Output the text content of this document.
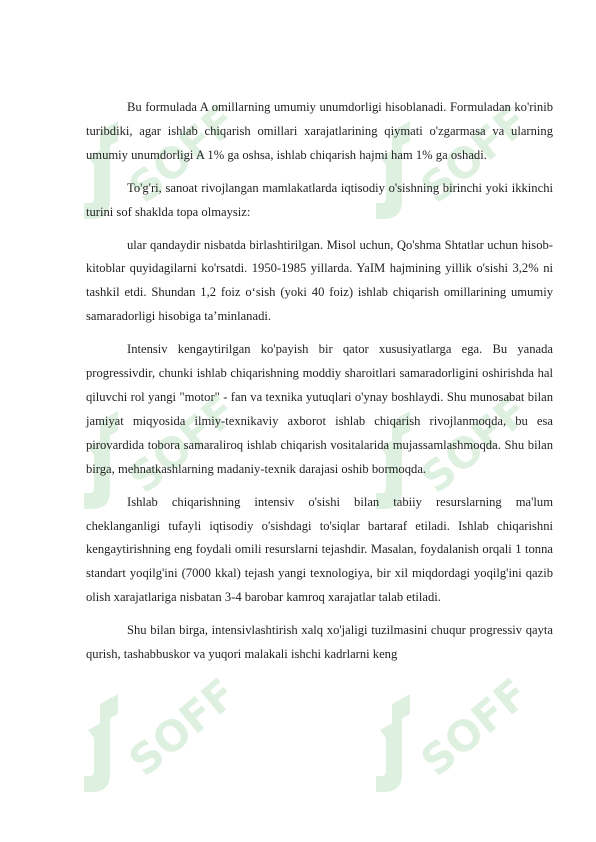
SOFF	SOFF
SOFF	SOFF
SOFF	SOFF

Bu formulada A omillarning umumiy unumdorligi hisoblanadi. Formuladan ko'rinib turibdiki, agar ishlab chiqarish omillari xarajatlarining qiymati o'zgarmasa va ularning umumiy unumdorligi A 1% ga oshsa, ishlab chiqarish hajmi ham 1% ga oshadi.

To'g'ri, sanoat rivojlangan mamlakatlarda iqtisodiy o'sishning birinchi yoki ikkinchi turini sof shaklda topa olmaysiz:

ular qandaydir nisbatda birlashtirilgan. Misol uchun, Qo'shma Shtatlar uchun hisob-kitoblar quyidagilarni ko'rsatdi. 1950-1985 yillarda. YaIM hajmining yillik o'sishi 3,2% ni tashkil etdi. Shundan 1,2 foiz o‘sish (yoki 40 foiz) ishlab chiqarish omillarining umumiy samaradorligi hisobiga ta’minlanadi.

Intensiv kengaytirilgan ko'payish bir qator xususiyatlarga ega. Bu yanada progressivdir, chunki ishlab chiqarishning moddiy sharoitlari samaradorligini oshirishda hal qiluvchi rol yangi "motor" - fan va texnika yutuqlari o'ynay boshlaydi. Shu munosabat bilan jamiyat miqyosida ilmiy-texnikaviy axborot ishlab chiqarish rivojlanmoqda, bu esa pirovardida tobora samaraliroq ishlab chiqarish vositalarida mujassamlashmoqda. Shu bilan birga, mehnatkashlarning madaniy-texnik darajasi oshib bormoqda.

Ishlab chiqarishning intensiv o'sishi bilan tabiiy resurslarning ma'lum cheklanganligi tufayli iqtisodiy o'sishdagi to'siqlar bartaraf etiladi. Ishlab chiqarishni kengaytirishning eng foydali omili resurslarni tejashdir. Masalan, foydalanish orqali 1 tonna standart yoqilg'ini (7000 kkal) tejash yangi texnologiya, bir xil miqdordagi yoqilg'ini qazib olish xarajatlariga nisbatan 3-4 barobar kamroq xarajatlar talab etiladi.

Shu bilan birga, intensivlashtirish xalq xo'jaligi tuzilmasini chuqur progressiv qayta qurish, tashabbuskor va yuqori malakali ishchi kadrlarni keng
